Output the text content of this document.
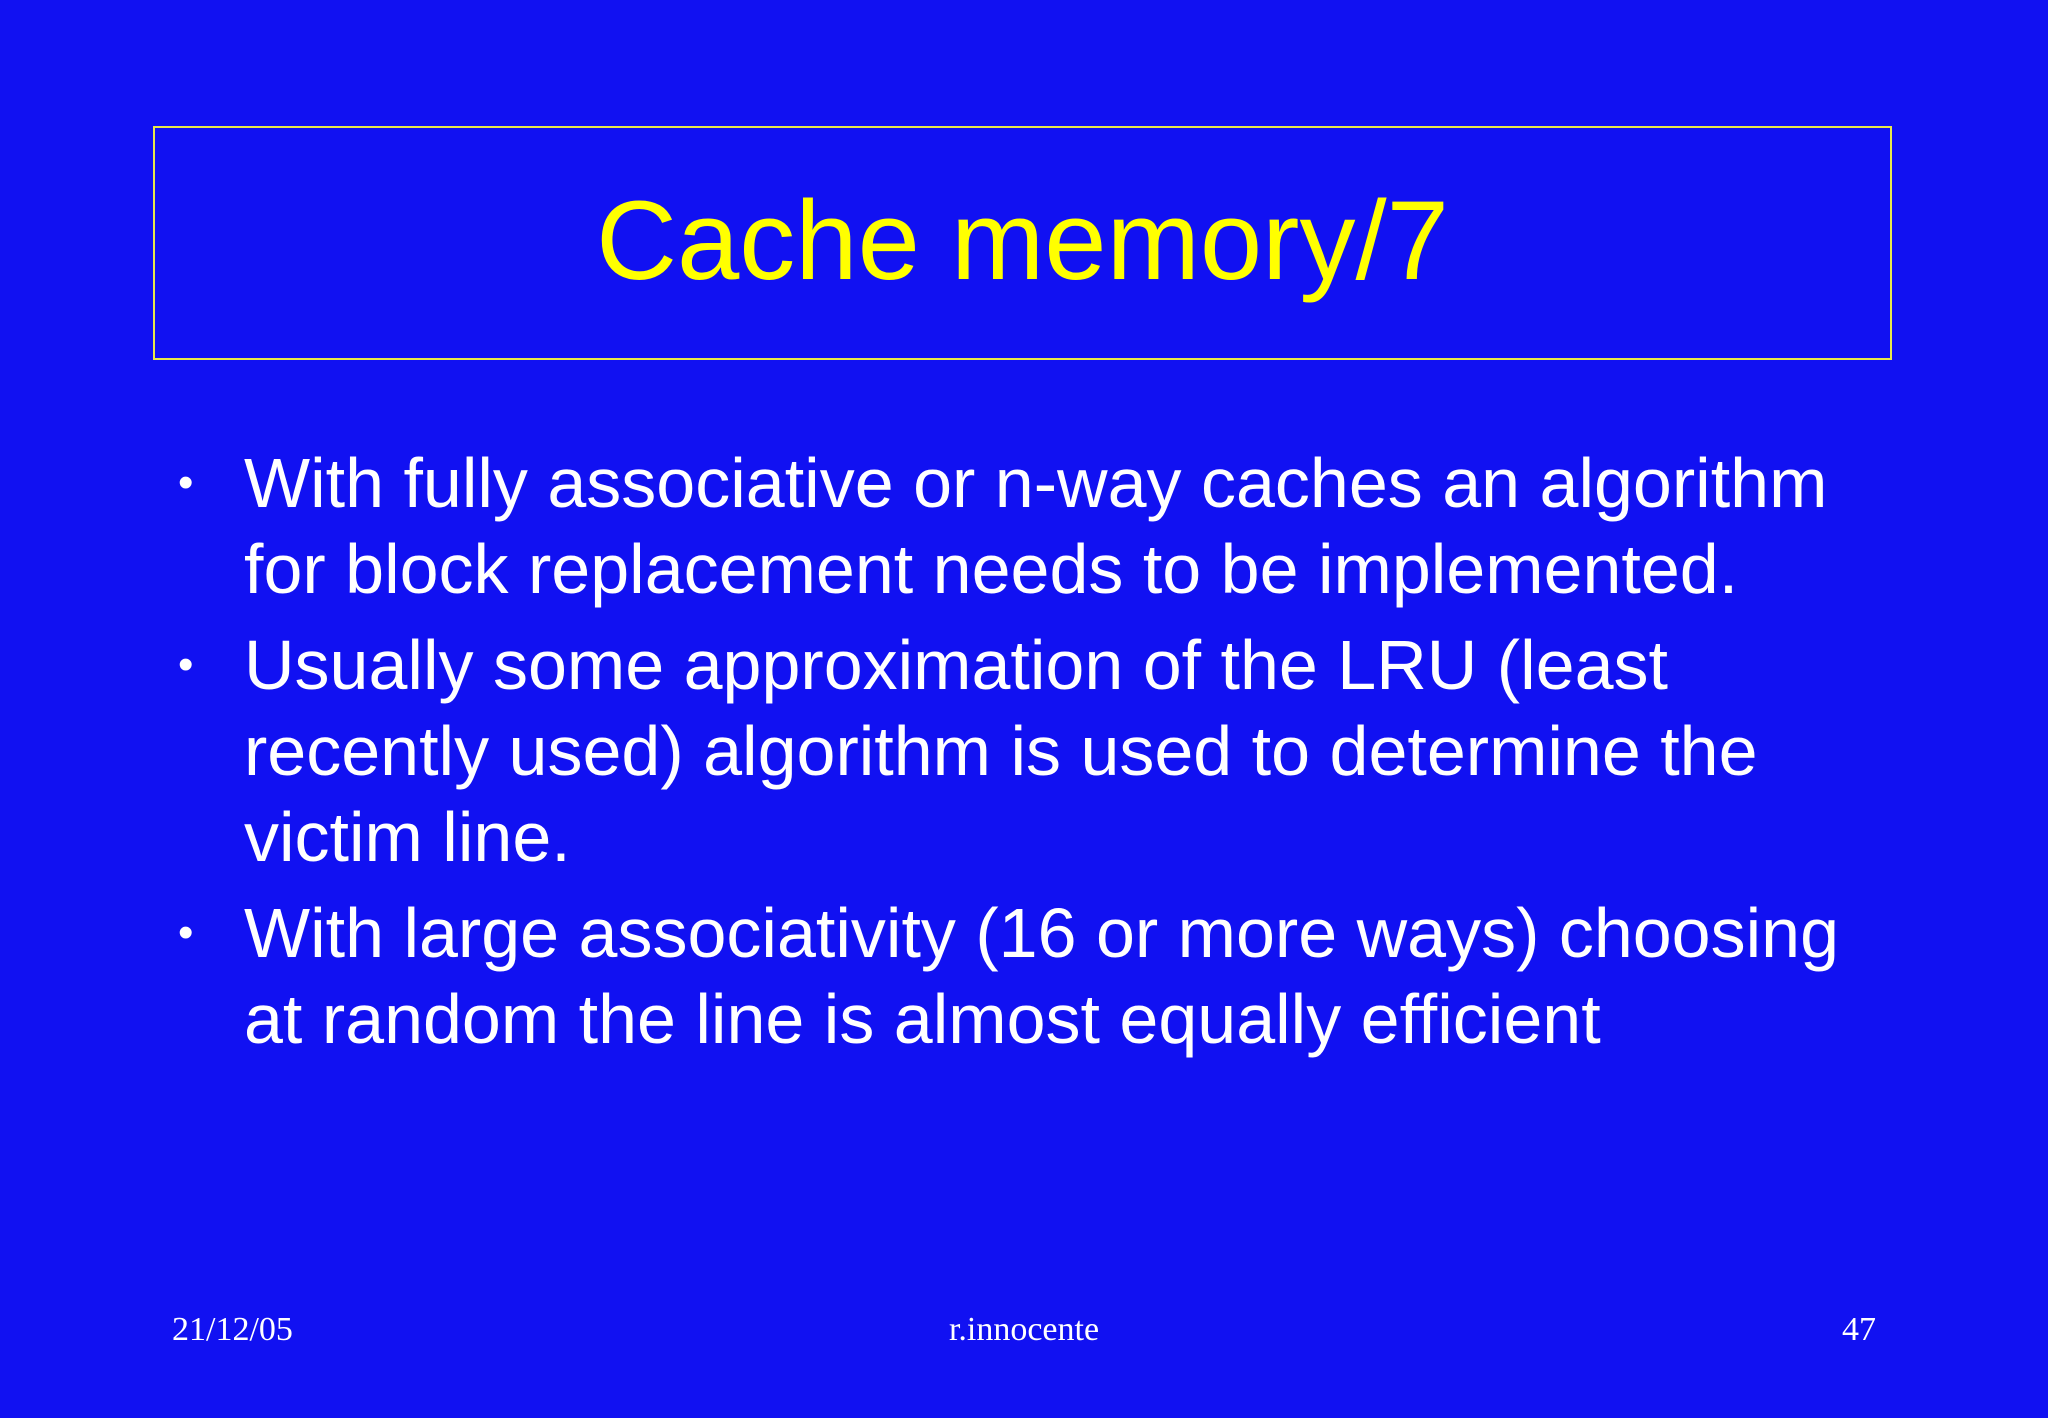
Cache memory/7
• With fully associative or n-way caches an algorithm for block replacement needs to be implemented.
• Usually some approximation of the LRU (least recently used) algorithm is used to determine the victim line.
• With large associativity (16 or more ways) choosing at random the line is almost equally efficient
21/12/05	r.innocente	47
